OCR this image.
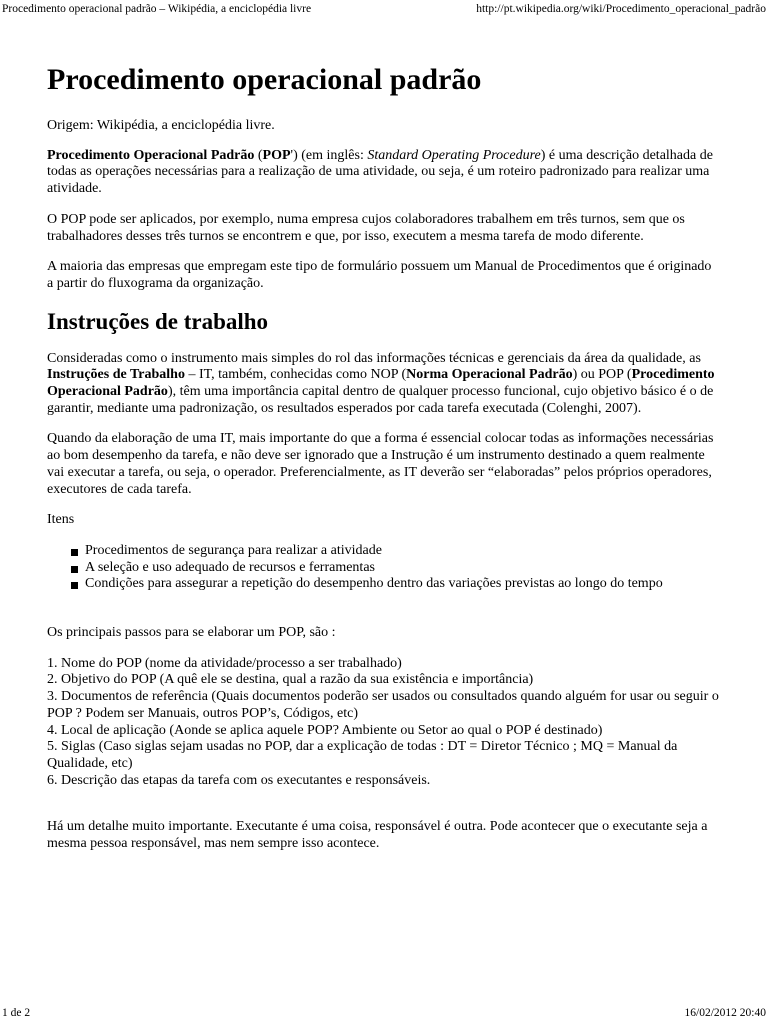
Procedimento operacional padrão – Wikipédia, a enciclopédia livre	http://pt.wikipedia.org/wiki/Procedimento_operacional_padrão
Procedimento operacional padrão

Origem: Wikipédia, a enciclopédia livre.

Procedimento Operacional Padrão (POP') (em inglês: Standard Operating Procedure) é uma descrição detalhada de todas as operações necessárias para a realização de uma atividade, ou seja, é um roteiro padronizado para realizar uma atividade.

O POP pode ser aplicados, por exemplo, numa empresa cujos colaboradores trabalhem em três turnos, sem que os trabalhadores desses três turnos se encontrem e que, por isso, executem a mesma tarefa de modo diferente.

A maioria das empresas que empregam este tipo de formulário possuem um Manual de Procedimentos que é originado a partir do fluxograma da organização.

Instruções de trabalho

Consideradas como o instrumento mais simples do rol das informações técnicas e gerenciais da área da qualidade, as Instruções de Trabalho – IT, também, conhecidas como NOP (Norma Operacional Padrão) ou POP (Procedimento Operacional Padrão), têm uma importância capital dentro de qualquer processo funcional, cujo objetivo básico é o de garantir, mediante uma padronização, os resultados esperados por cada tarefa executada (Colenghi, 2007).

Quando da elaboração de uma IT, mais importante do que a forma é essencial colocar todas as informações necessárias ao bom desempenho da tarefa, e não deve ser ignorado que a Instrução é um instrumento destinado a quem realmente vai executar a tarefa, ou seja, o operador. Preferencialmente, as IT deverão ser “elaboradas” pelos próprios operadores, executores de cada tarefa.

Itens

Procedimentos de segurança para realizar a atividade
A seleção e uso adequado de recursos e ferramentas
Condições para assegurar a repetição do desempenho dentro das variações previstas ao longo do tempo

Os principais passos para se elaborar um POP, são :

1. Nome do POP (nome da atividade/processo a ser trabalhado)
2. Objetivo do POP (A quê ele se destina, qual a razão da sua existência e importância)
3. Documentos de referência (Quais documentos poderão ser usados ou consultados quando alguém for usar ou seguir o POP ? Podem ser Manuais, outros POP’s, Códigos, etc)
4. Local de aplicação (Aonde se aplica aquele POP? Ambiente ou Setor ao qual o POP é destinado)
5. Siglas (Caso siglas sejam usadas no POP, dar a explicação de todas : DT = Diretor Técnico ; MQ = Manual da Qualidade, etc)
6. Descrição das etapas da tarefa com os executantes e responsáveis.

Há um detalhe muito importante. Executante é uma coisa, responsável é outra. Pode acontecer que o executante seja a mesma pessoa responsável, mas nem sempre isso acontece.

1 de 2	16/02/2012 20:40
